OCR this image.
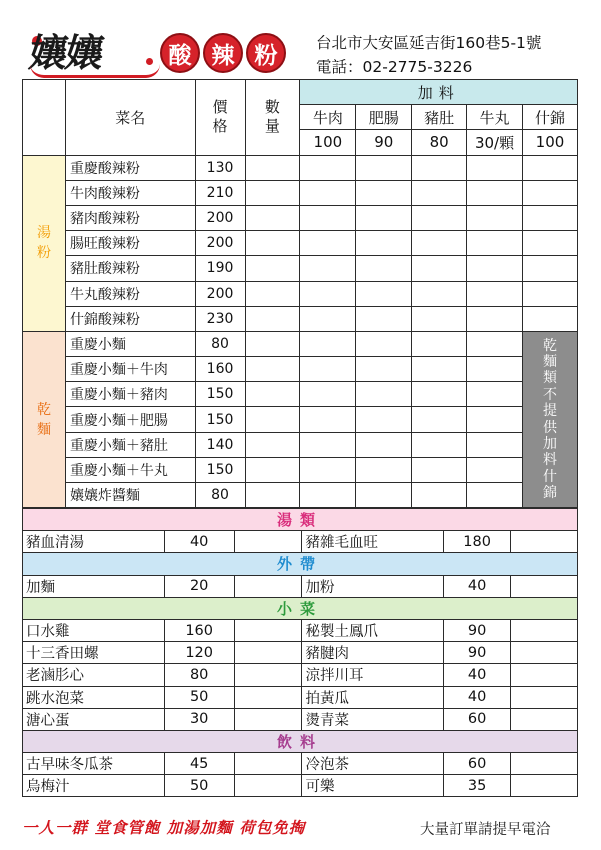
孃孃	酸 辣 粉	台北市大安區延吉街160巷5-1號
電話：02-2775-3226
	菜名	價格	數量	加料				
				牛肉	肥腸	豬肚	牛丸	什錦
				100	90	80	30/顆	100

湯粉	重慶酸辣粉	130						
	牛肉酸辣粉	210						
	豬肉酸辣粉	200						
	腸旺酸辣粉	200						
	豬肚酸辣粉	190						
	牛丸酸辣粉	200						
	什錦酸辣粉	230						

乾麵	重慶小麵	80						乾麵類不提供加料什錦

	重慶小麵＋牛肉	160						
	重慶小麵＋豬肉	150						
	重慶小麵＋肥腸	150						
	重慶小麵＋豬肚	140						
	重慶小麵＋牛丸	150						
	孃孃炸醬麵	80						
湯類					
豬血清湯	40		豬雜毛血旺	180	
外帶					
加麵	20		加粉	40	
小菜					
口水雞	160		秘製土鳳爪	90	
十三香田螺	120		豬腱肉	90	
老滷肜心	80		涼拌川耳	40	
跳水泡菜	50		拍黃瓜	40	
溏心蛋	30		燙青菜	60	
飲料					
古早味冬瓜茶	45		冷泡茶	60	
烏梅汁	50		可樂	35	
一人一群 堂食管飽 加湯加麵 荷包免掏	大量訂單請提早電洽
